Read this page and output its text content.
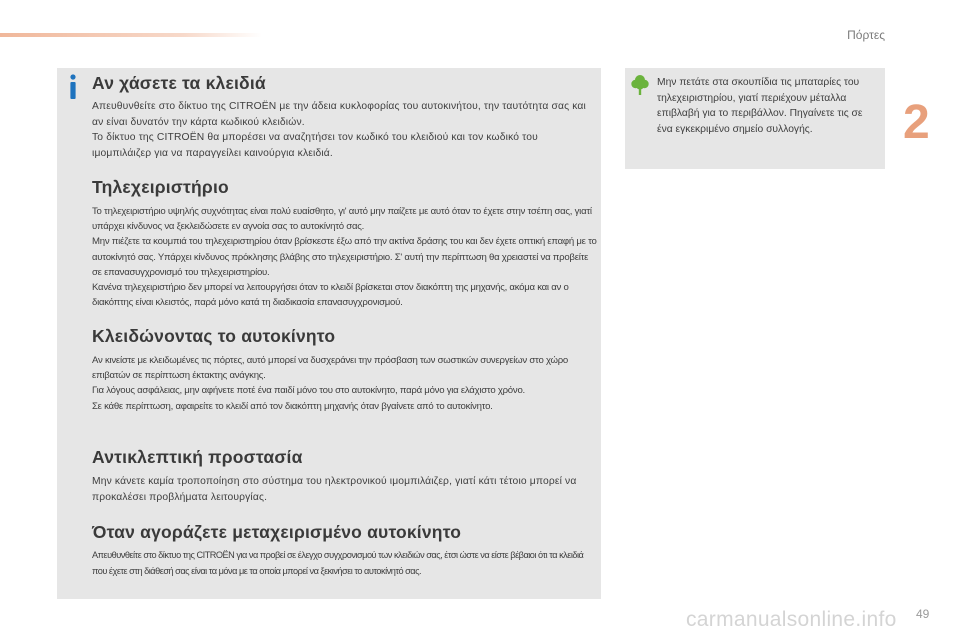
Πόρτες
2
Αν χάσετε τα κλειδιά

Απευθυνθείτε στο δίκτυο της CITROËN με την άδεια κυκλοφορίας του αυτοκινήτου, την ταυτότητα σας και αν είναι δυνατόν την κάρτα κωδικού κλειδιών.

Το δίκτυο της CITROËN θα μπορέσει να αναζητήσει τον κωδικό του κλειδιού και τον κωδικό του ιμομπιλάιζερ για να παραγγείλει καινούργια κλειδιά.

Τηλεχειριστήριο

Το τηλεχειριστήριο υψηλής συχνότητας είναι πολύ ευαίσθητο, γι' αυτό μην παίζετε με αυτό όταν το έχετε στην τσέπη σας, γιατί υπάρχει κίνδυνος να ξεκλειδώσετε εν αγνοία σας το αυτοκίνητό σας.

Μην πιέζετε τα κουμπιά του τηλεχειριστηρίου όταν βρίσκεστε έξω από την ακτίνα δράσης του και δεν έχετε οπτική επαφή με το αυτοκίνητό σας. Υπάρχει κίνδυνος πρόκλησης βλάβης στο τηλεχειριστήριο. Σ' αυτή την περίπτωση θα χρειαστεί να προβείτε σε επανασυγχρονισμό του τηλεχειριστηρίου.

Κανένα τηλεχειριστήριο δεν μπορεί να λειτουργήσει όταν το κλειδί βρίσκεται στον διακόπτη της μηχανής, ακόμα και αν ο διακόπτης είναι κλειστός, παρά μόνο κατά τη διαδικασία επανασυγχρονισμού.

Κλειδώνοντας το αυτοκίνητο

Αν κινείστε με κλειδωμένες τις πόρτες, αυτό μπορεί να δυσχεράνει την πρόσβαση των σωστικών συνεργείων στο χώρο επιβατών σε περίπτωση έκτακτης ανάγκης.

Για λόγους ασφάλειας, μην αφήνετε ποτέ ένα παιδί μόνο του στο αυτοκίνητο, παρά μόνο για ελάχιστο χρόνο.

Σε κάθε περίπτωση, αφαιρείτε το κλειδί από τον διακόπτη μηχανής όταν βγαίνετε από το αυτοκίνητο.

Αντικλεπτική προστασία

Μην κάνετε καμία τροποποίηση στο σύστημα του ηλεκτρονικού ιμομπιλάιζερ, γιατί κάτι τέτοιο μπορεί να προκαλέσει προβλήματα λειτουργίας.

Όταν αγοράζετε μεταχειρισμένο αυτοκίνητο

Απευθυνθείτε στο δίκτυο της CITROËN για να προβεί σε έλεγχο συγχρονισμού των κλειδιών σας, έτσι ώστε να είστε βέβαιοι ότι τα κλειδιά που έχετε στη διάθεσή σας είναι τα μόνα με τα οποία μπορεί να ξεκινήσει το αυτοκίνητό σας.

Μην πετάτε στα σκουπίδια τις μπαταρίες του τηλεχειριστηρίου, γιατί περιέχουν μέταλλα επιβλαβή για το περιβάλλον. Πηγαίνετε τις σε ένα εγκεκριμένο σημείο συλλογής.

carmanualsonline.info 49
